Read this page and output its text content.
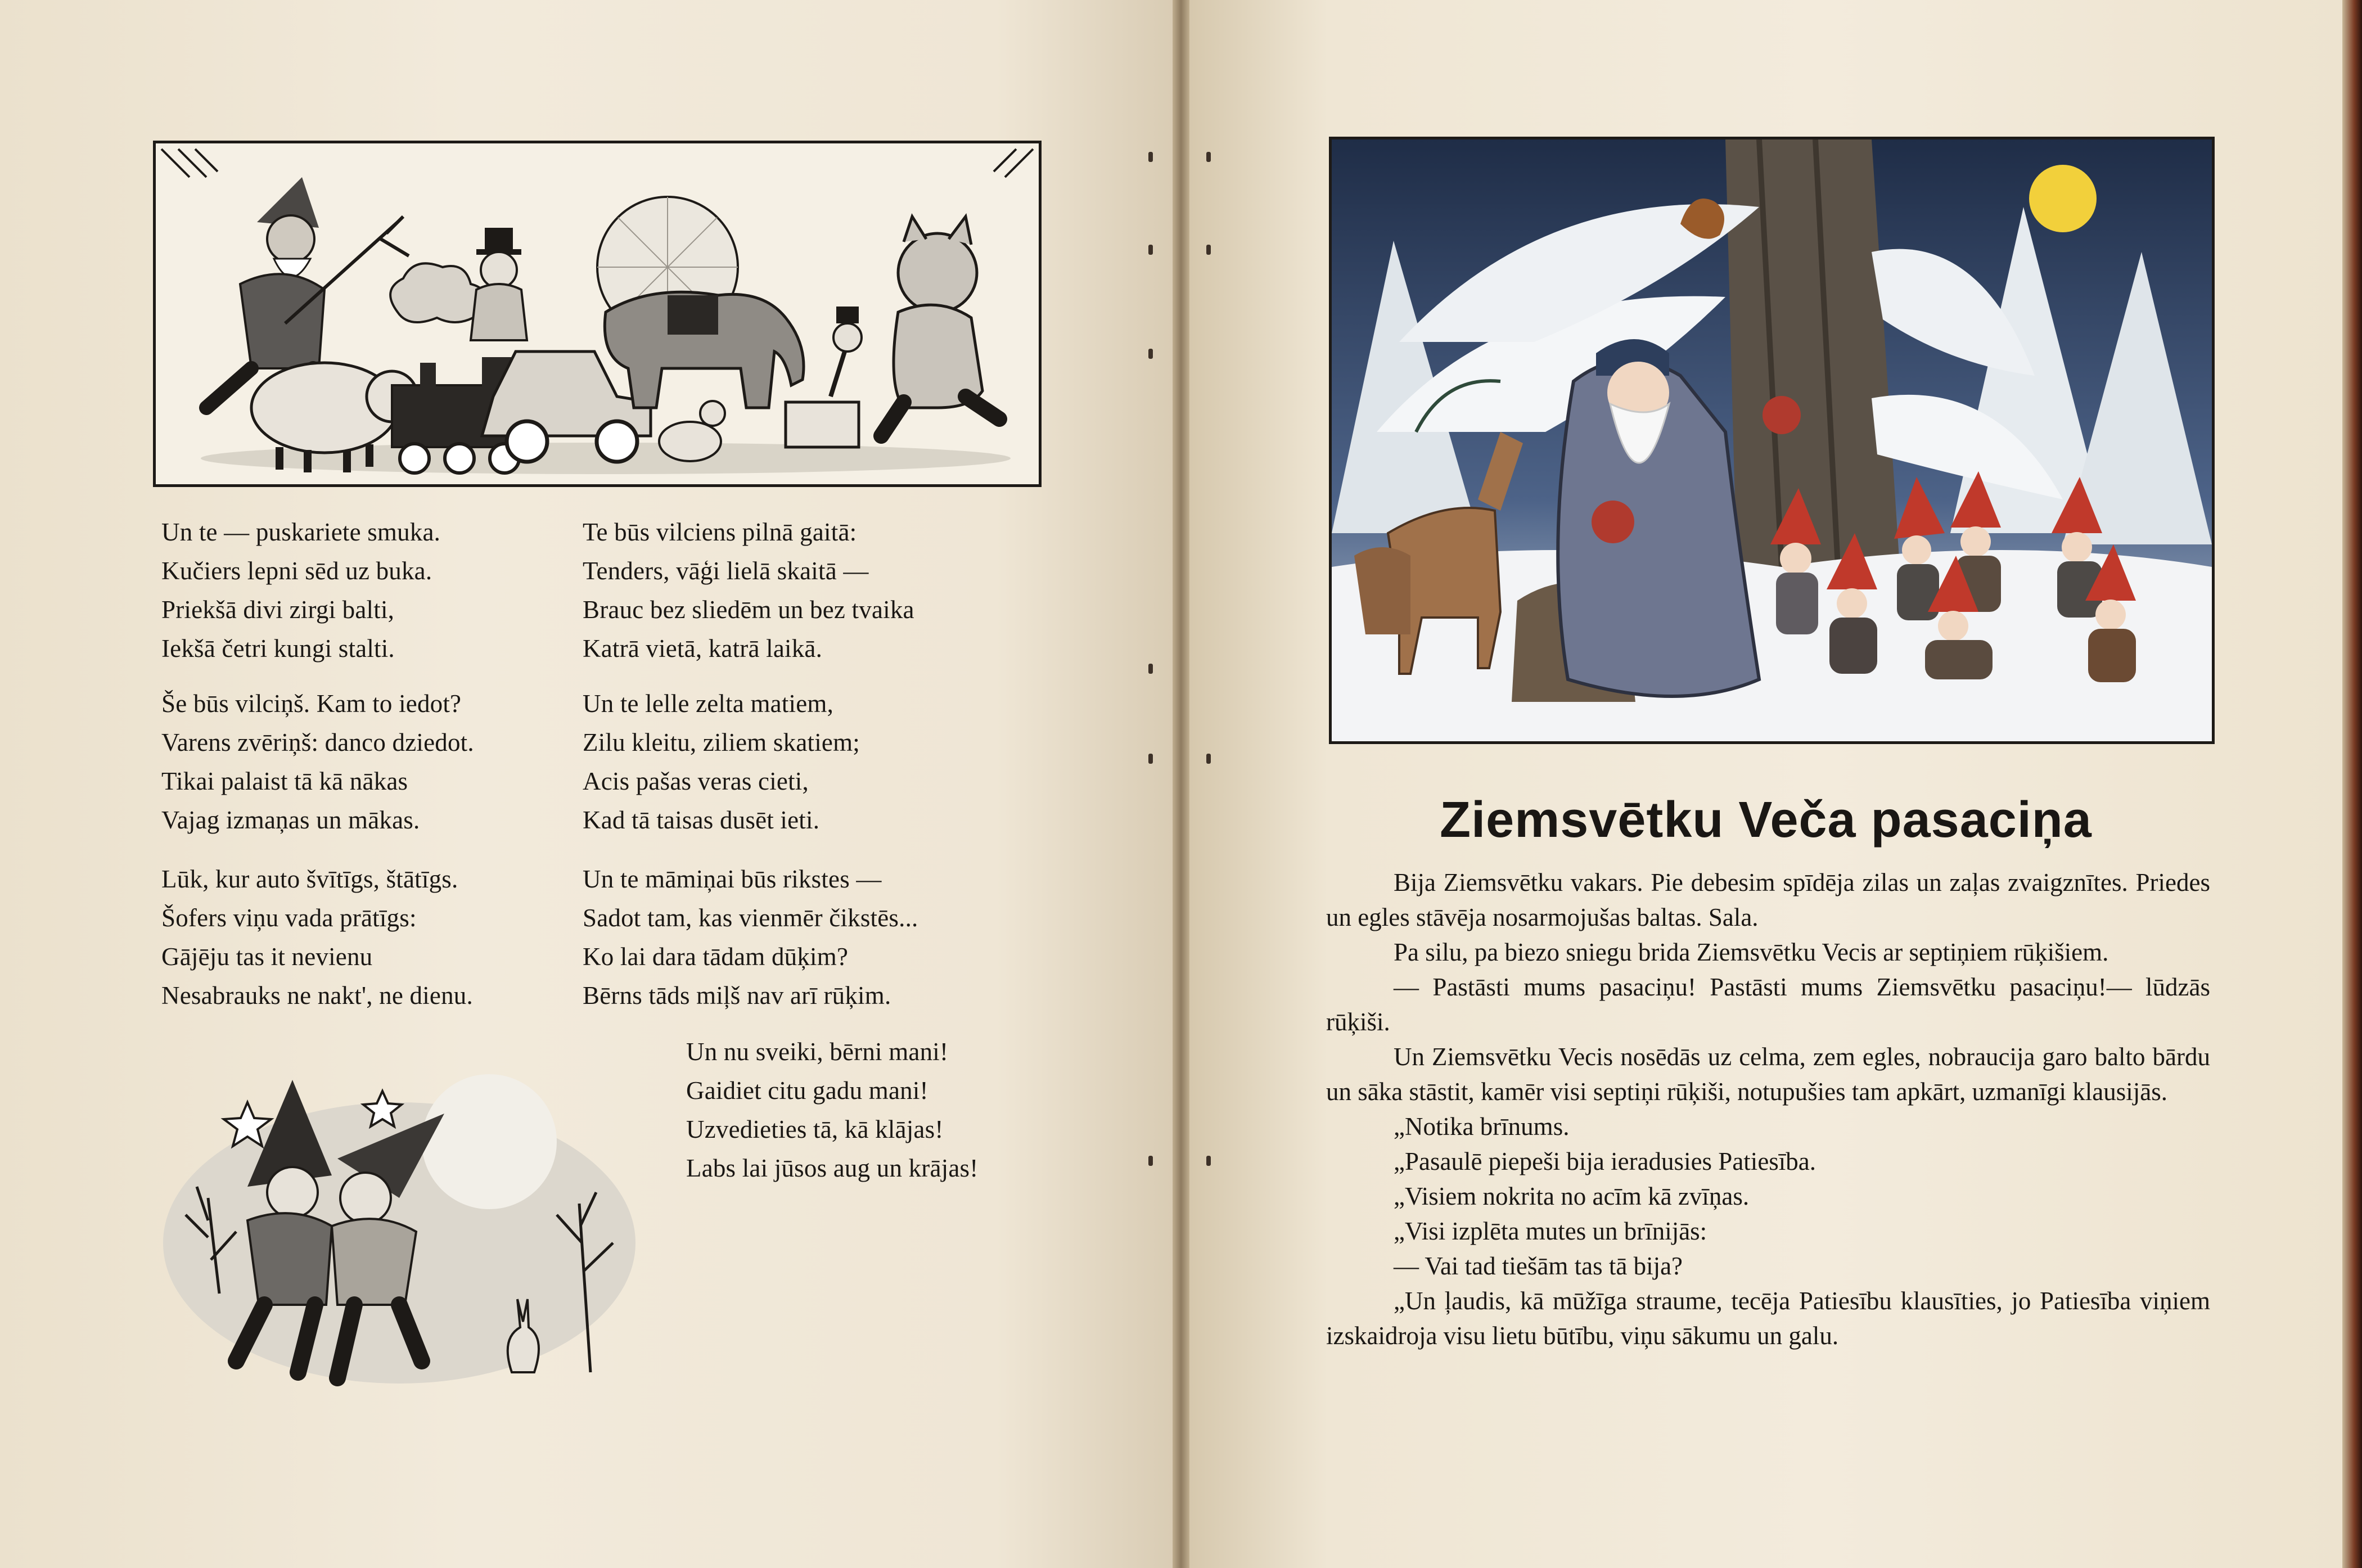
Un te — puskariete smuka.
Kučiers lepni sēd uz buka.
Priekšā divi zirgi balti,
Iekšā četri kungi stalti.
Še būs vilciņš. Kam to iedot?
Varens zvēriņš: danco dziedot.
Tikai palaist tā kā nākas
Vajag izmaņas un mākas.
Lūk, kur auto švītīgs, štātīgs.
Šofers viņu vada prātīgs:
Gājēju tas it nevienu
Nesabrauks ne nakt', ne dienu.
Te būs vilciens pilnā gaitā:
Tenders, vāģi lielā skaitā —
Brauc bez sliedēm un bez tvaika
Katrā vietā, katrā laikā.
Un te lelle zelta matiem,
Zilu kleitu, ziliem skatiem;
Acis pašas veras cieti,
Kad tā taisas dusēt ieti.
Un te māmiņai būs rikstes —
Sadot tam, kas vienmēr čikstēs...
Ko lai dara tādam dūķim?
Bērns tāds miļš nav arī rūķim.
Un nu sveiki, bērni mani!
Gaidiet citu gadu mani!
Uzvedieties tā, kā klājas!
Labs lai jūsos aug un krājas!
Ziemsvētku Veča pasaciņa

Bija Ziemsvētku vakars. Pie debesim spīdēja zilas un zaļas zvaigznītes. Priedes un egles stāvēja nosarmojušas baltas. Sala.

Pa silu, pa biezo sniegu brida Ziemsvētku Vecis ar septiņiem rūķišiem.

— Pastāsti mums pasaciņu! Pastāsti mums Ziemsvētku pasaciņu!— lūdzās rūķiši.

Un Ziemsvētku Vecis nosēdās uz celma, zem egles, nobraucija garo balto bārdu un sāka stāstit, kamēr visi septiņi rūķiši, notupušies tam apkārt, uzmanīgi klausijās.

„Notika brīnums.

„Pasaulē piepeši bija ieradusies Patiesība.

„Visiem nokrita no acīm kā zvīņas.

„Visi izplēta mutes un brīnijās:

— Vai tad tiešām tas tā bija?

„Un ļaudis, kā mūžīga straume, tecēja Patiesību klausīties, jo Patiesība viņiem izskaidroja visu lietu būtību, viņu sākumu un galu.
